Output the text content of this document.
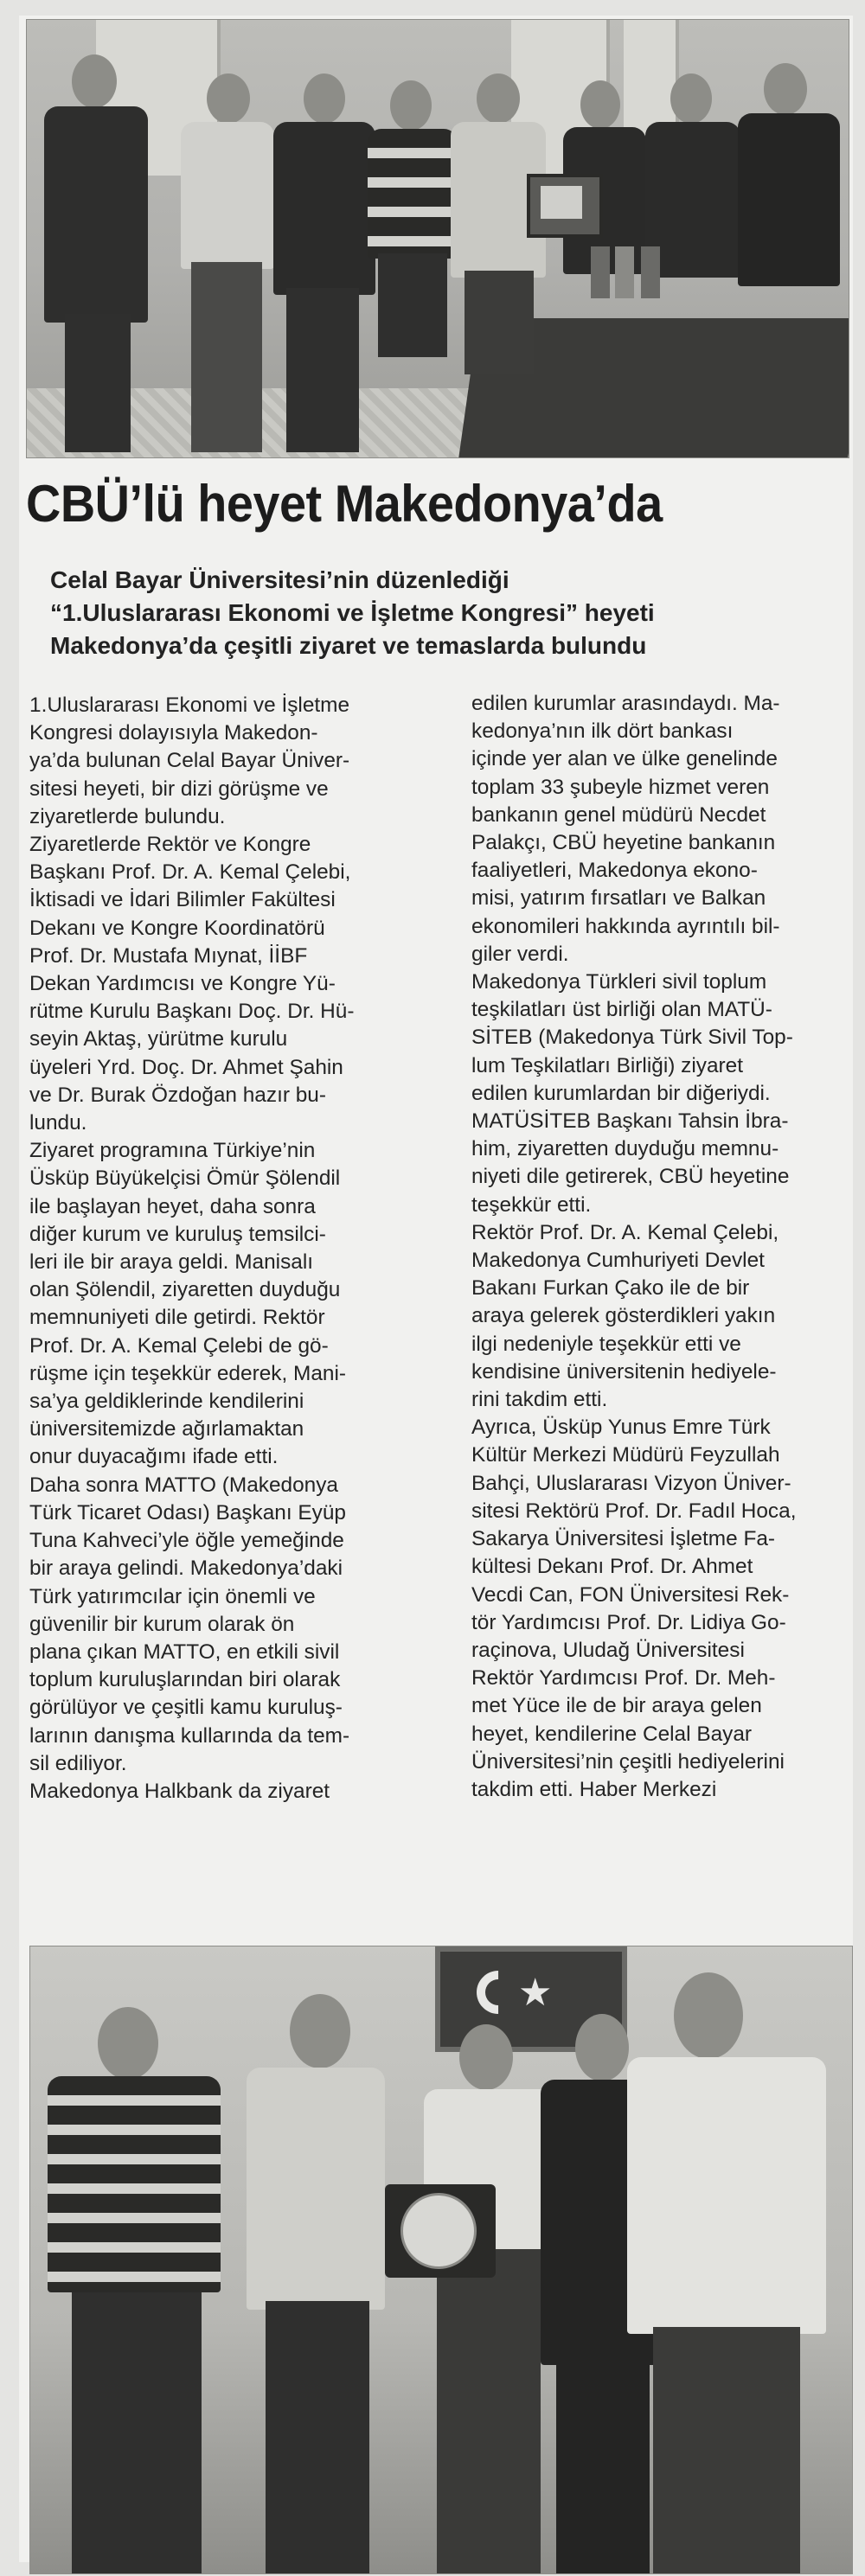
CBÜ’lü heyet Makedonya’da
Celal Bayar Üniversitesi’nin düzenlediği
“1.Uluslararası Ekonomi ve İşletme Kongresi” heyeti
Makedonya’da çeşitli ziyaret ve temaslarda bulundu

1.Uluslararası Ekonomi ve İşletme

Kongresi dolayısıyla Makedon-

ya’da bulunan Celal Bayar Üniver-

sitesi heyeti, bir dizi görüşme ve

ziyaretlerde bulundu.

Ziyaretlerde Rektör ve Kongre

Başkanı Prof. Dr. A. Kemal Çelebi,

İktisadi ve İdari Bilimler Fakültesi

Dekanı ve Kongre Koordinatörü

Prof. Dr. Mustafa Mıynat, İİBF

Dekan Yardımcısı ve Kongre Yü-

rütme Kurulu Başkanı Doç. Dr. Hü-

seyin Aktaş, yürütme kurulu

üyeleri Yrd. Doç. Dr. Ahmet Şahin

ve Dr. Burak Özdoğan hazır bu-

lundu.

Ziyaret programına Türkiye’nin

Üsküp Büyükelçisi Ömür Şölendil

ile başlayan heyet, daha sonra

diğer kurum ve kuruluş temsilci-

leri ile bir araya geldi. Manisalı

olan Şölendil, ziyaretten duyduğu

memnuniyeti dile getirdi. Rektör

Prof. Dr. A. Kemal Çelebi de gö-

rüşme için teşekkür ederek, Mani-

sa’ya geldiklerinde kendilerini

üniversitemizde ağırlamaktan

onur duyacağımı ifade etti.

Daha sonra MATTO (Makedonya

Türk Ticaret Odası) Başkanı Eyüp

Tuna Kahveci’yle öğle yemeğinde

bir araya gelindi. Makedonya’daki

Türk yatırımcılar için önemli ve

güvenilir bir kurum olarak ön

plana çıkan MATTO, en etkili sivil

toplum kuruluşlarından biri olarak

görülüyor ve çeşitli kamu kuruluş-

larının danışma kullarında da tem-

sil ediliyor.

Makedonya Halkbank da ziyaret

edilen kurumlar arasındaydı. Ma-

kedonya’nın ilk dört bankası

içinde yer alan ve ülke genelinde

toplam 33 şubeyle hizmet veren

bankanın genel müdürü Necdet

Palakçı, CBÜ heyetine bankanın

faaliyetleri, Makedonya ekono-

misi, yatırım fırsatları ve Balkan

ekonomileri hakkında ayrıntılı bil-

giler verdi.

Makedonya Türkleri sivil toplum

teşkilatları üst birliği olan MATÜ-

SİTEB (Makedonya Türk Sivil Top-

lum Teşkilatları Birliği) ziyaret

edilen kurumlardan bir diğeriydi.

MATÜSİTEB Başkanı Tahsin İbra-

him, ziyaretten duyduğu memnu-

niyeti dile getirerek, CBÜ heyetine

teşekkür etti.

Rektör Prof. Dr. A. Kemal Çelebi,

Makedonya Cumhuriyeti Devlet

Bakanı Furkan Çako ile de bir

araya gelerek gösterdikleri yakın

ilgi nedeniyle teşekkür etti ve

kendisine üniversitenin hediyele-

rini takdim etti.

Ayrıca, Üsküp Yunus Emre Türk

Kültür Merkezi Müdürü Feyzullah

Bahçi, Uluslararası Vizyon Üniver-

sitesi Rektörü Prof. Dr. Fadıl Hoca,

Sakarya Üniversitesi İşletme Fa-

kültesi Dekanı Prof. Dr. Ahmet

Vecdi Can, FON Üniversitesi Rek-

tör Yardımcısı Prof. Dr. Lidiya Go-

raçinova, Uludağ Üniversitesi

Rektör Yardımcısı Prof. Dr. Meh-

met Yüce ile de bir araya gelen

heyet, kendilerine Celal Bayar

Üniversitesi’nin çeşitli hediyelerini

takdim etti. Haber Merkezi

★
